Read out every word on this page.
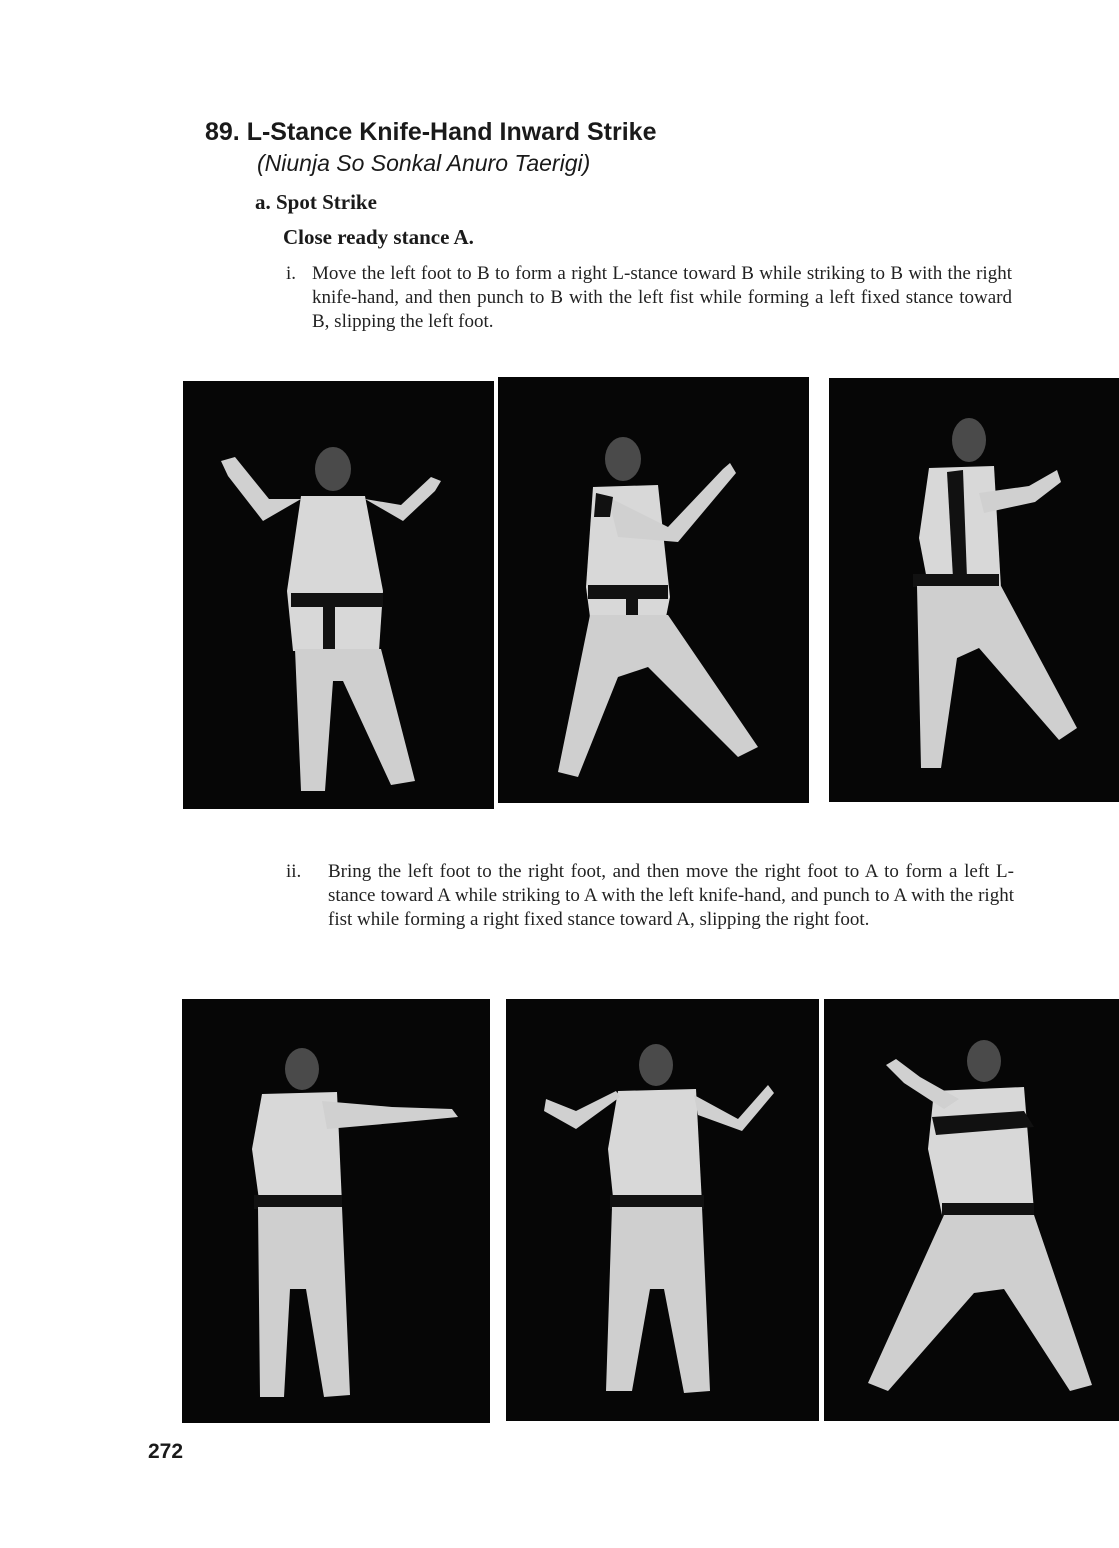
89. L-Stance Knife-Hand Inward Strike
(Niunja So Sonkal Anuro Taerigi)
a. Spot Strike
Close ready stance A.
i. Move the left foot to B to form a right L-stance toward B while striking to B with the right knife-hand, and then punch to B with the left fist while forming a left fixed stance toward B, slipping the left foot.
ii. Bring the left foot to the right foot, and then move the right foot to A to form a left L-stance toward A while striking to A with the left knife-hand, and punch to A with the right fist while forming a right fixed stance toward A, slipping the right foot.
272
